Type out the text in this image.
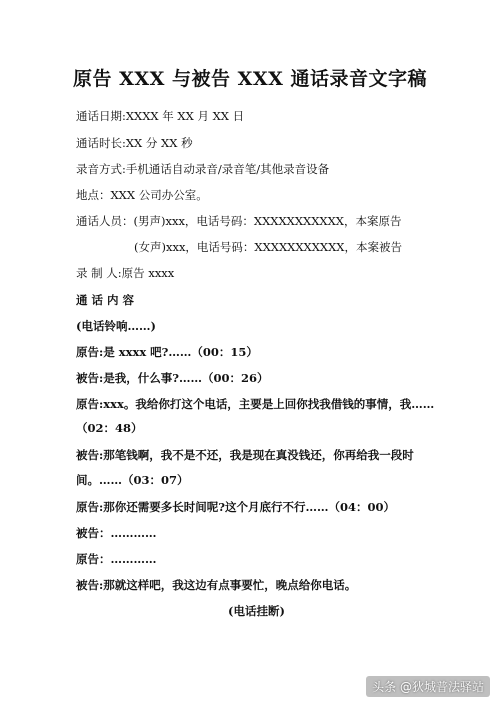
原告 XXX 与被告 XXX 通话录音文字稿
通话日期:XXXX 年 XX 月 XX 日
通话时长:XX 分 XX 秒
录音方式:手机通话自动录音/录音笔/其他录音设备
地点：XXX 公司办公室。
通话人员：(男声)xxx，电话号码：XXXXXXXXXXX，本案原告
(女声)xxx，电话号码：XXXXXXXXXXX，本案被告
录 制 人:原告 xxxx
通 话 内 容
(电话铃响……)
原告:是 xxxx 吧?……（00：15）
被告:是我，什么事?……（00：26）
原告:xxx。我给你打这个电话，主要是上回你找我借钱的事情，我……
（02：48）
被告:那笔钱啊，我不是不还，我是现在真没钱还，你再给我一段时
间。……（03：07）
原告:那你还需要多长时间呢?这个月底行不行……（04：00）
被告：…………
原告：…………
被告:那就这样吧，我这边有点事要忙，晚点给你电话。
(电话挂断)
头条 @狄城普法驿站
